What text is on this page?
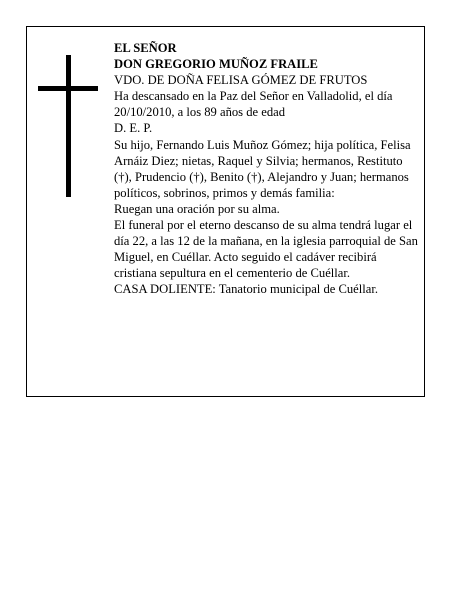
EL SEÑOR

DON GREGORIO MUÑOZ FRAILE

VDO. DE DOÑA FELISA GÓMEZ DE FRUTOS

Ha descansado en la Paz del Señor en Valladolid, el día 20/10/2010, a los 89 años de edad

D. E. P.

Su hijo, Fernando Luis Muñoz Gómez; hija política, Felisa Arnáiz Diez; nietas, Raquel y Silvia; hermanos, Restituto (†), Prudencio (†), Benito (†), Alejandro y Juan; hermanos políticos, sobrinos, primos y demás familia:

Ruegan una oración por su alma.

El funeral por el eterno descanso de su alma tendrá lugar el día 22, a las 12 de la mañana, en la iglesia parroquial de San Miguel, en Cuéllar. Acto seguido el cadáver recibirá cristiana sepultura en el cementerio de Cuéllar.

CASA DOLIENTE: Tanatorio municipal de Cuéllar.
